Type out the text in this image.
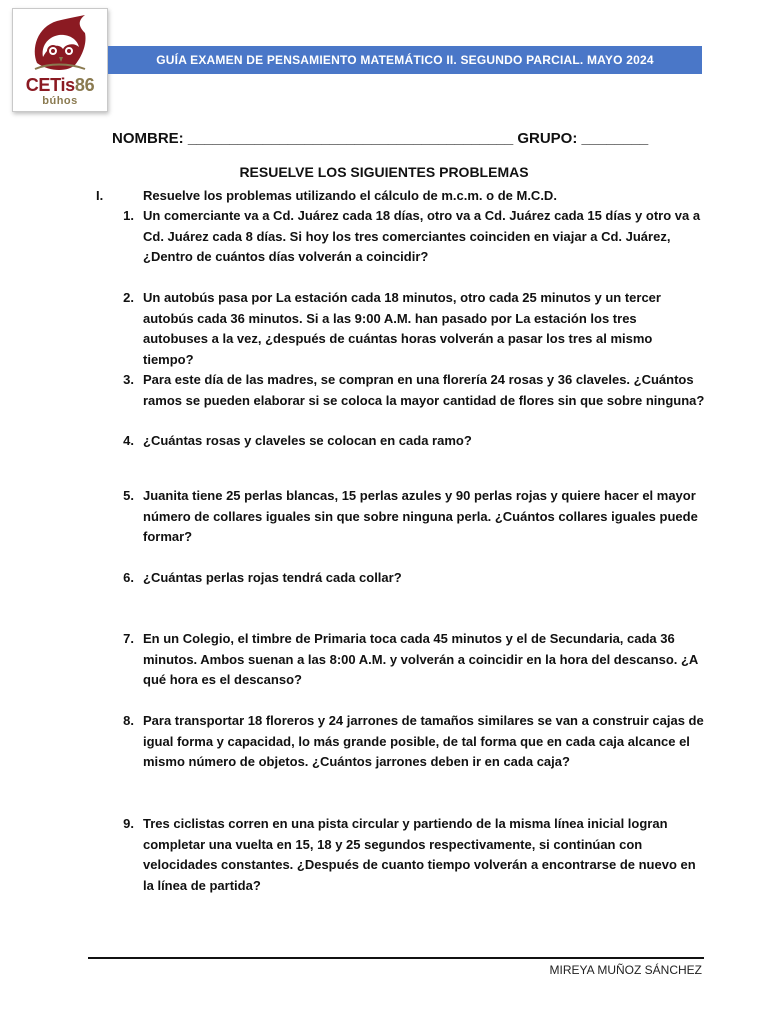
CETis86
búhos
GUÍA EXAMEN DE PENSAMIENTO MATEMÁTICO II. SEGUNDO PARCIAL. MAYO 2024
NOMBRE: _______________________________________ GRUPO: ________
RESUELVE LOS SIGUIENTES PROBLEMAS
I.	Resuelve los problemas utilizando el cálculo de m.c.m. o de M.C.D.
1. Un comerciante va a Cd. Juárez cada 18 días, otro va a Cd. Juárez cada 15 días y otro va a Cd. Juárez cada 8 días. Si hoy los tres comerciantes coinciden en viajar a Cd. Juárez, ¿Dentro de cuántos días volverán a coincidir?
2. Un autobús pasa por La estación cada 18 minutos, otro cada 25 minutos y un tercer autobús cada 36 minutos. Si a las 9:00 A.M. han pasado por La estación los tres autobuses a la vez, ¿después de cuántas horas volverán a pasar los tres al mismo tiempo?
3. Para este día de las madres, se compran en una florería 24 rosas y 36 claveles. ¿Cuántos ramos se pueden elaborar si se coloca la mayor cantidad de flores sin que sobre ninguna?
4. ¿Cuántas rosas y claveles se colocan en cada ramo?
5. Juanita tiene 25 perlas blancas, 15 perlas azules y 90 perlas rojas y quiere hacer el mayor número de collares iguales sin que sobre ninguna perla. ¿Cuántos collares iguales puede formar?
6. ¿Cuántas perlas rojas tendrá cada collar?
7. En un Colegio, el timbre de Primaria toca cada 45 minutos y el de Secundaria, cada 36 minutos. Ambos suenan a las 8:00 A.M. y volverán a coincidir en la hora del descanso. ¿A qué hora es el descanso?
8. Para transportar 18 floreros y 24 jarrones de tamaños similares se van a construir cajas de igual forma y capacidad, lo más grande posible, de tal forma que en cada caja alcance el mismo número de objetos. ¿Cuántos jarrones deben ir en cada caja?
9. Tres ciclistas corren en una pista circular y partiendo de la misma línea inicial logran completar una vuelta en 15, 18 y 25 segundos respectivamente, si continúan con velocidades constantes. ¿Después de cuanto tiempo volverán a encontrarse de nuevo en la línea de partida?
MIREYA MUÑOZ SÁNCHEZ
